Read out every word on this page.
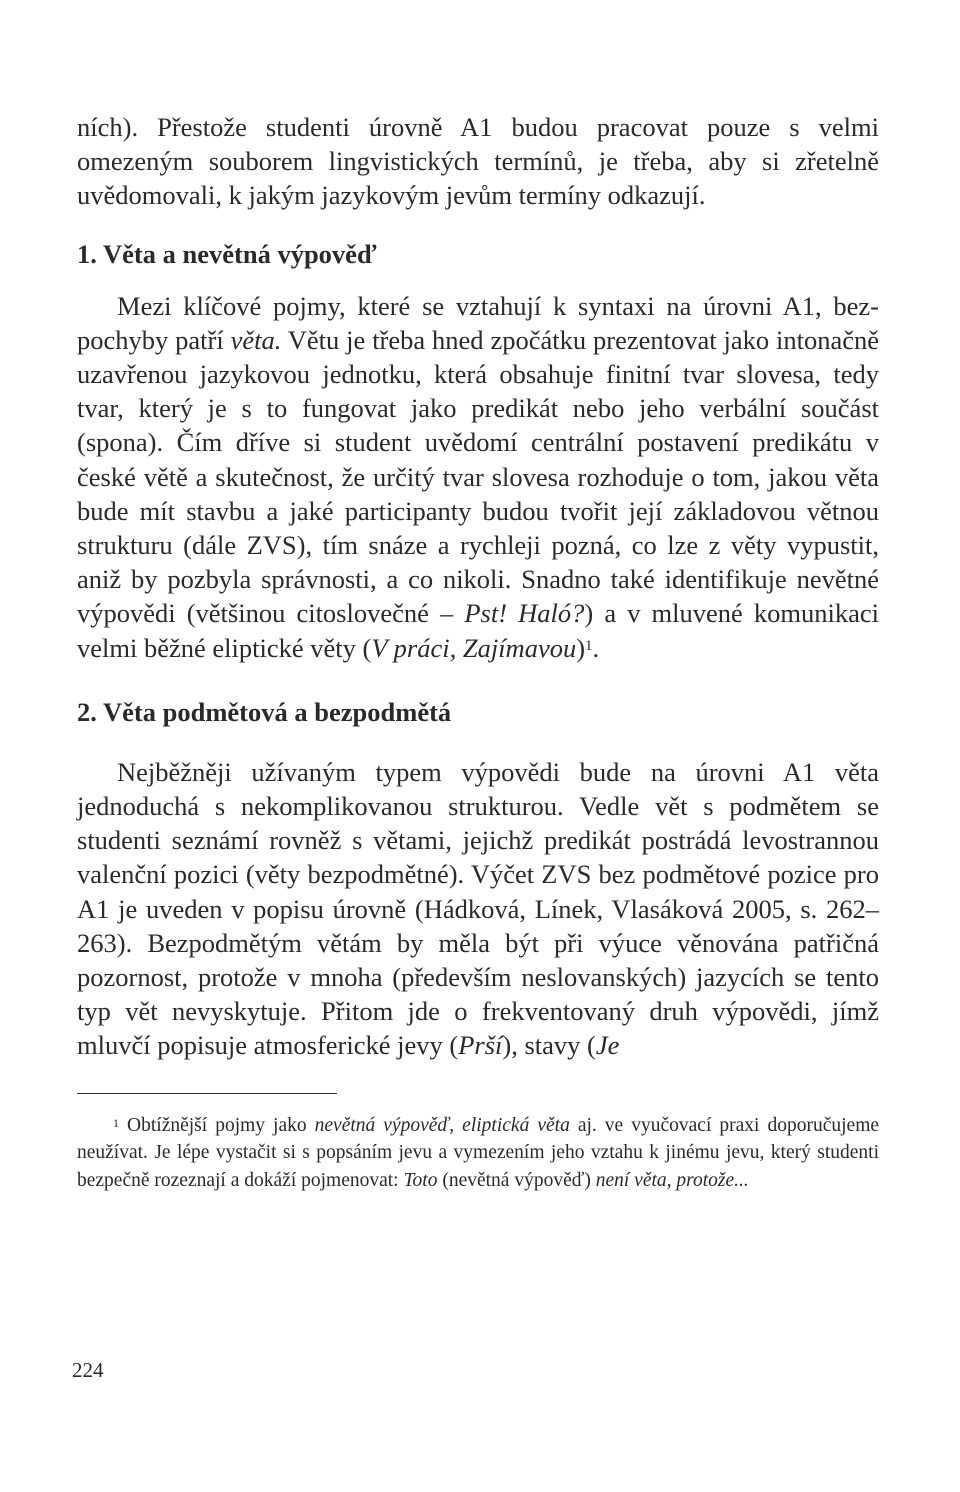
ních). Přestože studenti úrovně A1 budou pracovat pouze s velmi omezeným souborem lingvistických termínů, je třeba, aby si zřetelně uvědomovali, k jakým jazykovým jevům termíny odkazují.

1. Věta a nevětná výpověď

Mezi klíčové pojmy, které se vztahují k syntaxi na úrovni A1, bezpochyby patří věta. Větu je třeba hned zpočátku prezentovat jako intonačně uzavřenou jazykovou jednotku, která obsahuje finitní tvar slovesa, tedy tvar, který je s to fungovat jako predikát nebo jeho verbální součást (spona). Čím dříve si student uvědomí centrální postavení predikátu v české větě a skutečnost, že určitý tvar slovesa rozhoduje o tom, jakou věta bude mít stavbu a jaké participanty budou tvořit její základovou větnou strukturu (dále ZVS), tím snáze a rychleji pozná, co lze z věty vypustit, aniž by pozbyla správnosti, a co nikoli. Snadno také identifikuje nevětné výpovědi (většinou citoslovečné – Pst! Haló?) a v mluvené komunikaci velmi běžné eliptické věty (V práci, Zajímavou)$^1$.

2. Věta podmětová a bezpodmětá

Nejběžněji užívaným typem výpovědi bude na úrovni A1 věta jednoduchá s nekomplikovanou strukturou. Vedle vět s podmětem se studenti seznámí rovněž s větami, jejichž predikát postrádá levostrannou valenční pozici (věty bezpodmětné). Výčet ZVS bez podmětové pozice pro A1 je uveden v popisu úrovně (Hádková, Línek, Vlasáková 2005, s. 262–263). Bezpodmětým větám by měla být při výuce věnována patřičná pozornost, protože v mnoha (především neslovanských) jazycích se tento typ vět nevyskytuje. Přitom jde o frekventovaný druh výpovědi, jímž mluvčí popisuje atmosferické jevy (Prší), stavy (Je

$^1$ Obtížnější pojmy jako nevětná výpověď, eliptická věta aj. ve vyučovací praxi doporučujeme neužívat. Je lépe vystačit si s popsáním jevu a vymezením jeho vztahu k jinému jevu, který studenti bezpečně rozeznají a dokáží pojmenovat: Toto (nevětná výpověď) není věta, protože...

224
